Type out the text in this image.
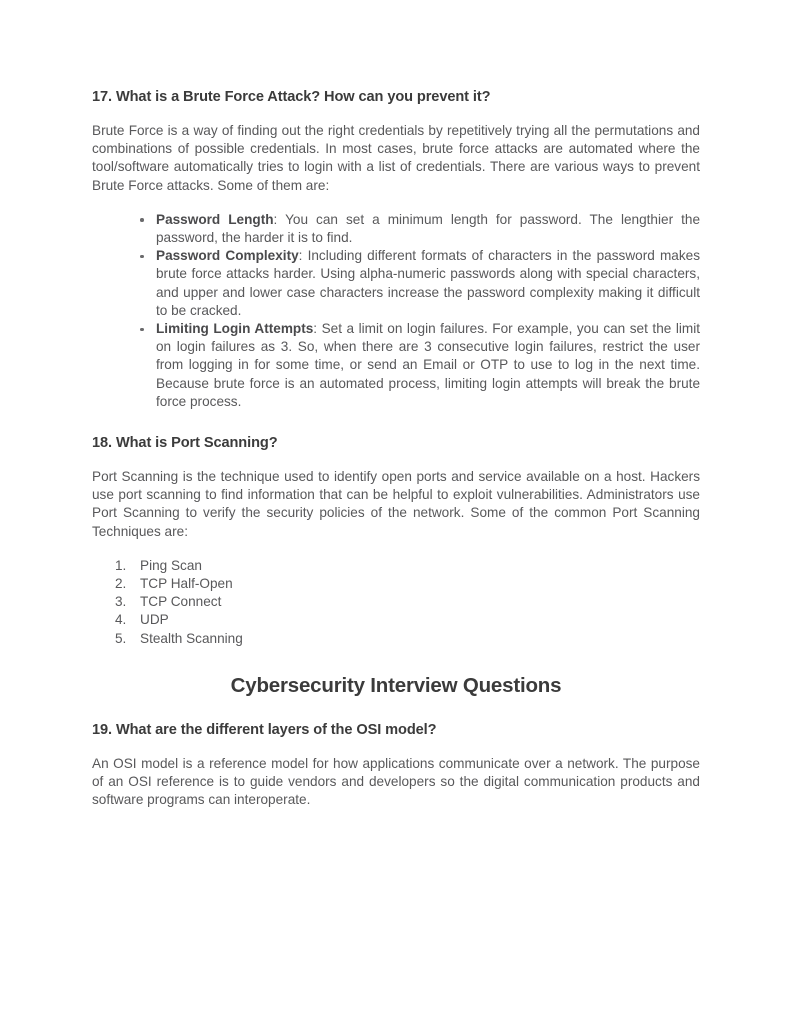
17. What is a Brute Force Attack? How can you prevent it?

Brute Force is a way of finding out the right credentials by repetitively trying all the permutations and combinations of possible credentials. In most cases, brute force attacks are automated where the tool/software automatically tries to login with a list of credentials. There are various ways to prevent Brute Force attacks. Some of them are:

Password Length: You can set a minimum length for password. The lengthier the password, the harder it is to find.
Password Complexity: Including different formats of characters in the password makes brute force attacks harder. Using alpha-numeric passwords along with special characters, and upper and lower case characters increase the password complexity making it difficult to be cracked.
Limiting Login Attempts: Set a limit on login failures. For example, you can set the limit on login failures as 3. So, when there are 3 consecutive login failures, restrict the user from logging in for some time, or send an Email or OTP to use to log in the next time. Because brute force is an automated process, limiting login attempts will break the brute force process.
18. What is Port Scanning?

Port Scanning is the technique used to identify open ports and service available on a host. Hackers use port scanning to find information that can be helpful to exploit vulnerabilities. Administrators use Port Scanning to verify the security policies of the network. Some of the common Port Scanning Techniques are:

1.	Ping Scan
2.	TCP Half-Open
3.	TCP Connect
4.	UDP
5.	Stealth Scanning
Cybersecurity Interview Questions
19. What are the different layers of the OSI model?

An OSI model is a reference model for how applications communicate over a network. The purpose of an OSI reference is to guide vendors and developers so the digital communication products and software programs can interoperate.
